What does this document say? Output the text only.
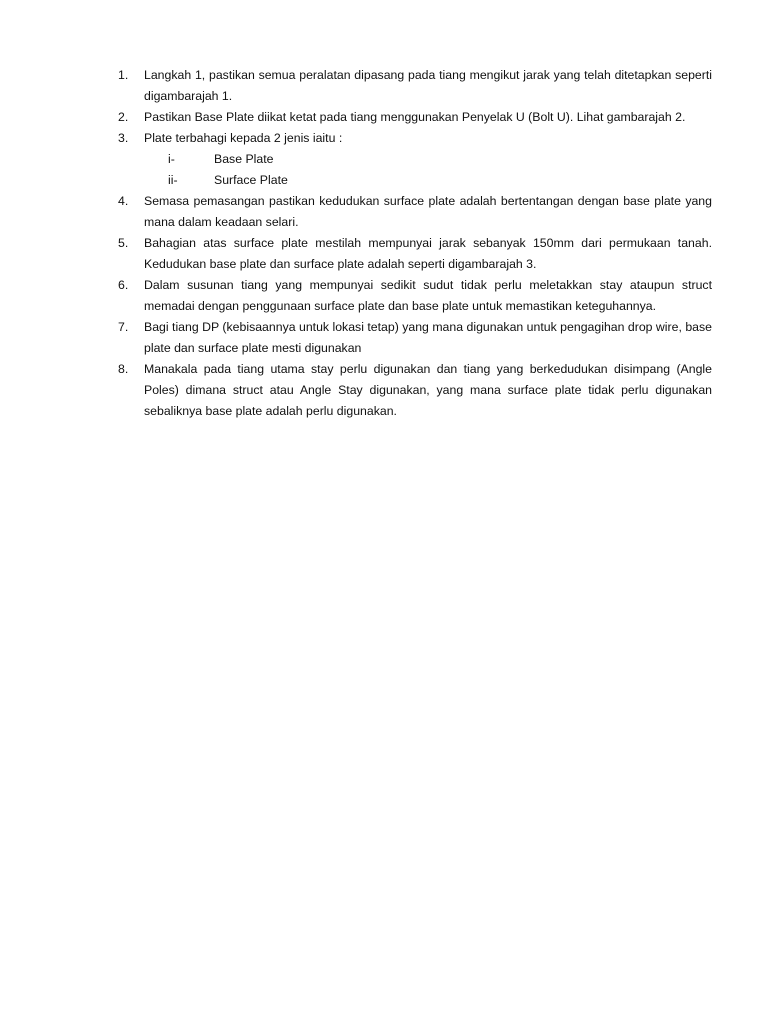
1.	Langkah 1, pastikan semua peralatan dipasang pada tiang mengikut jarak yang telah ditetapkan seperti digambarajah 1.
2.	Pastikan Base Plate diikat ketat pada tiang menggunakan Penyelak U (Bolt U). Lihat gambarajah 2.
3.	Plate terbahagi kepada 2 jenis iaitu :
i-	Base Plate
ii-	Surface Plate
4.	Semasa pemasangan pastikan kedudukan surface plate adalah bertentangan dengan base plate yang mana dalam keadaan selari.
5.	Bahagian atas surface plate mestilah mempunyai jarak sebanyak 150mm dari permukaan tanah. Kedudukan base plate dan surface plate adalah seperti digambarajah 3.
6.	Dalam susunan tiang yang mempunyai sedikit sudut tidak perlu meletakkan stay ataupun struct memadai dengan penggunaan surface plate dan base plate untuk memastikan keteguhannya.
7.	Bagi tiang DP (kebisaannya untuk lokasi tetap) yang mana digunakan untuk pengagihan drop wire, base plate dan surface plate mesti digunakan
8.	Manakala pada tiang utama stay perlu digunakan dan tiang yang berkedudukan disimpang (Angle Poles) dimana struct atau Angle Stay digunakan, yang mana surface plate tidak perlu digunakan sebaliknya base plate adalah perlu digunakan.
